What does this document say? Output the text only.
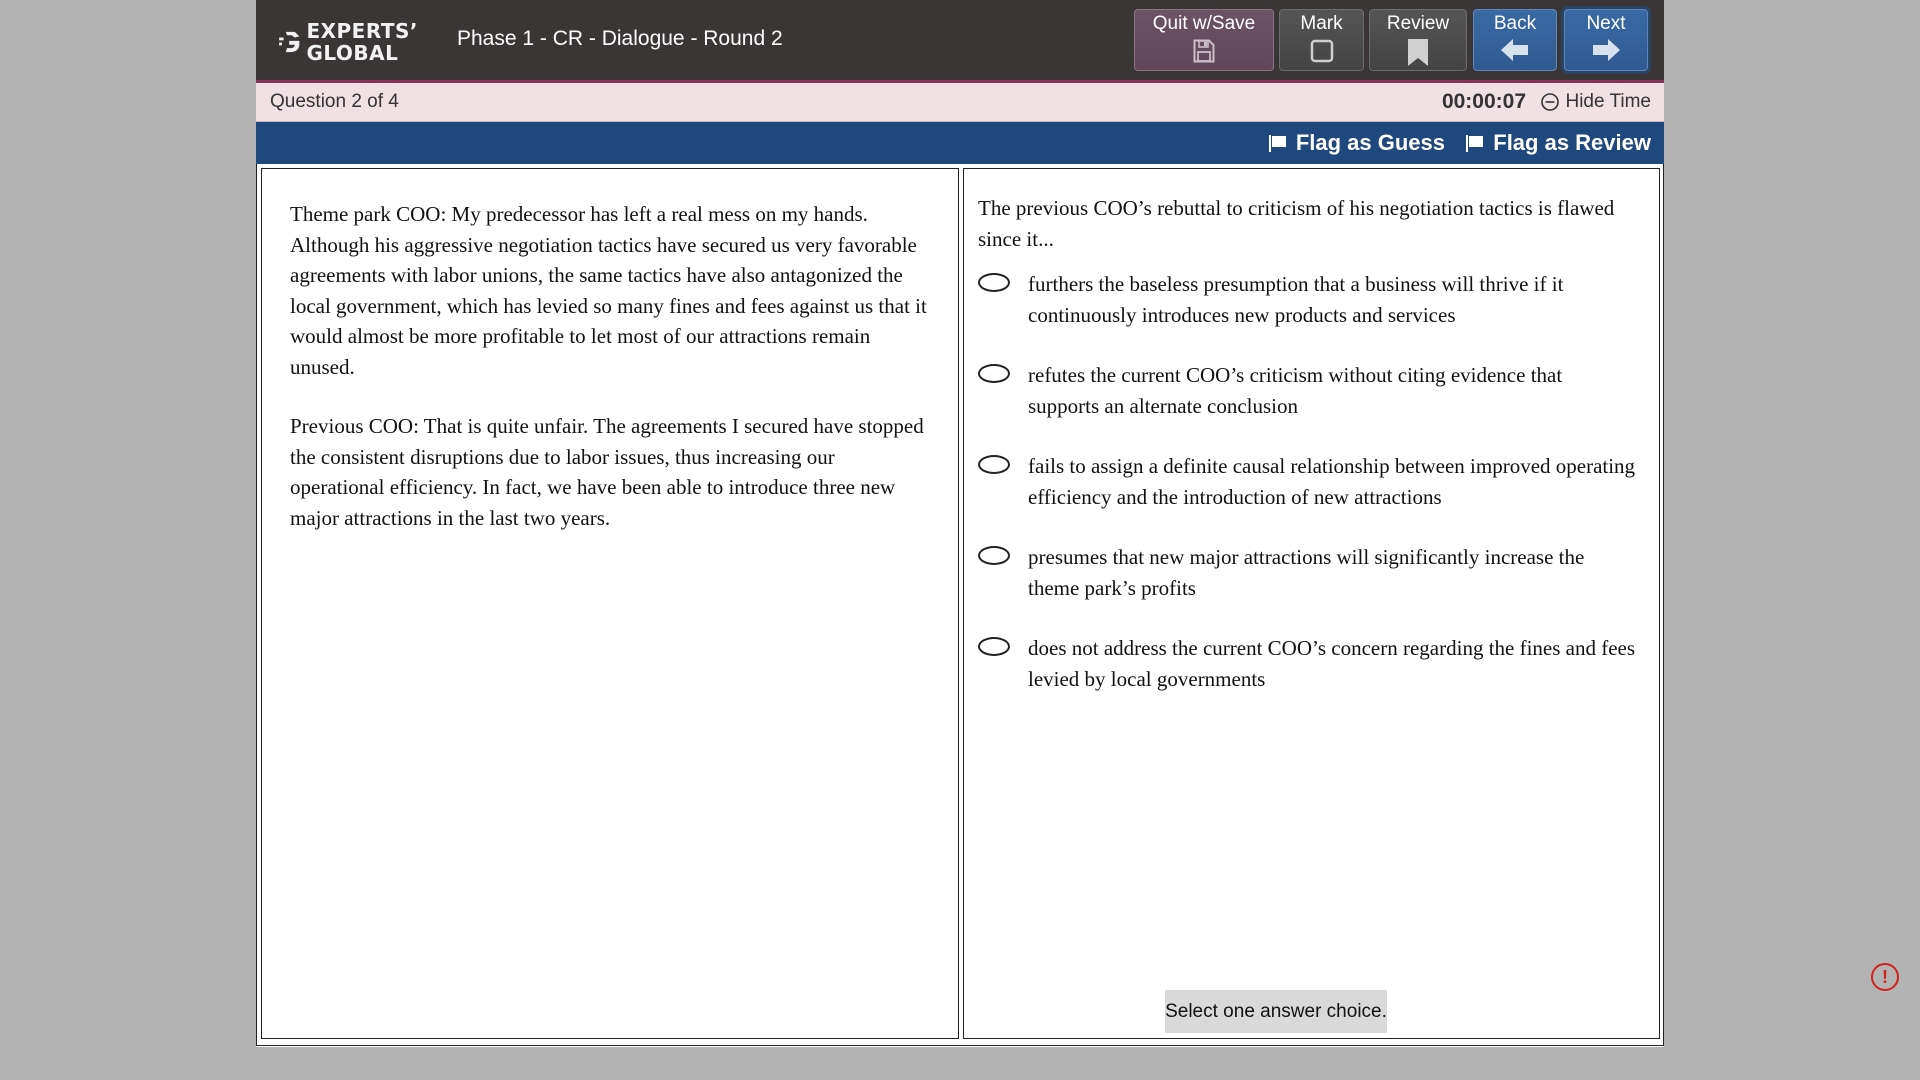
EXPERTS’
GLOBAL
Phase 1 - CR - Dialogue - Round 2
Quit w/Save	Mark	Review	Back	Next
Question 2 of 4	00:00:07 Hide Time
Flag as Guess Flag as Review

Theme park COO: My predecessor has left a real mess on my hands. Although his aggressive negotiation tactics have secured us very favorable agreements with labor unions, the same tactics have also antagonized the local government, which has levied so many fines and fees against us that it would almost be more profitable to let most of our attractions remain unused.

Previous COO: That is quite unfair. The agreements I secured have stopped the consistent disruptions due to labor issues, thus increasing our operational efficiency. In fact, we have been able to introduce three new major attractions in the last two years.

The previous COO’s rebuttal to criticism of his negotiation tactics is flawed since it...
furthers the baseless presumption that a business will thrive if it continuously introduces new products and services
refutes the current COO’s criticism without citing evidence that supports an alternate conclusion
fails to assign a definite causal relationship between improved operating efficiency and the introduction of new attractions
presumes that new major attractions will significantly increase the theme park’s profits
does not address the current COO’s concern regarding the fines and fees levied by local governments
Select one answer choice.
!
